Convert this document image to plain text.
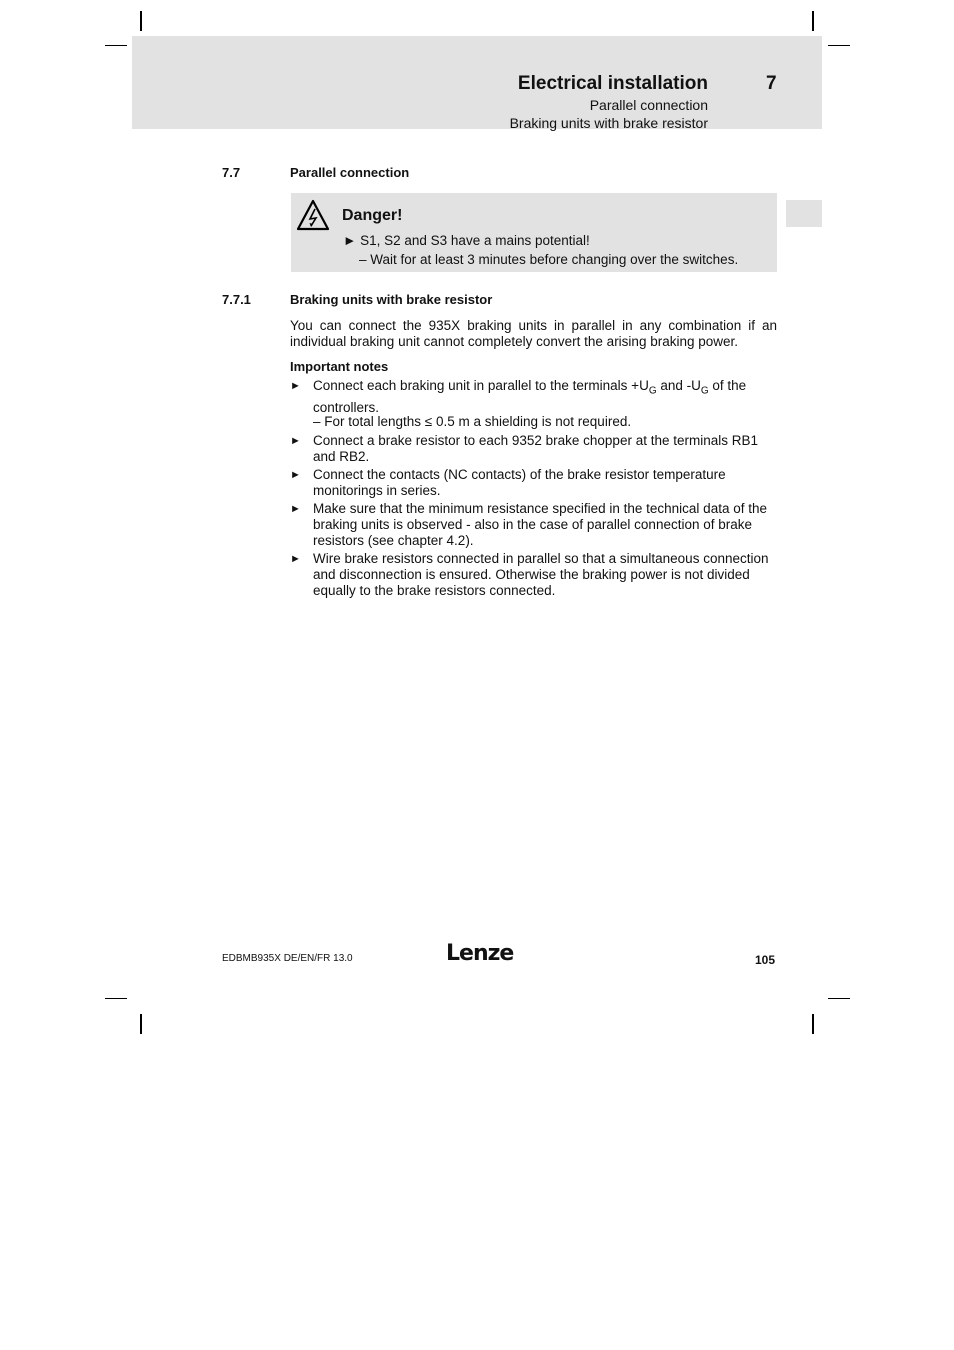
Electrical installation	7
Parallel connection
Braking units with brake resistor
7.7	Parallel connection
Danger!
► S1, S2 and S3 have a mains potential!
– Wait for at least 3 minutes before changing over the switches.
7.7.1	Braking units with brake resistor
You can connect the 935X braking units in parallel in any combination if an individual braking unit cannot completely convert the arising braking power.
Important notes
► Connect each braking unit in parallel to the terminals $+U_G$ and $-U_G$ of the controllers.
– For total lengths ≤ 0.5 m a shielding is not required.
► Connect a brake resistor to each 9352 brake chopper at the terminals RB1 and RB2.
► Connect the contacts (NC contacts) of the brake resistor temperature monitorings in series.
► Make sure that the minimum resistance specified in the technical data of the braking units is observed - also in the case of parallel connection of brake resistors (see chapter 4.2).
► Wire brake resistors connected in parallel so that a simultaneous connection and disconnection is ensured. Otherwise the braking power is not divided equally to the brake resistors connected.
EDBMB935X DE/EN/FR 13.0	Lenze	105
